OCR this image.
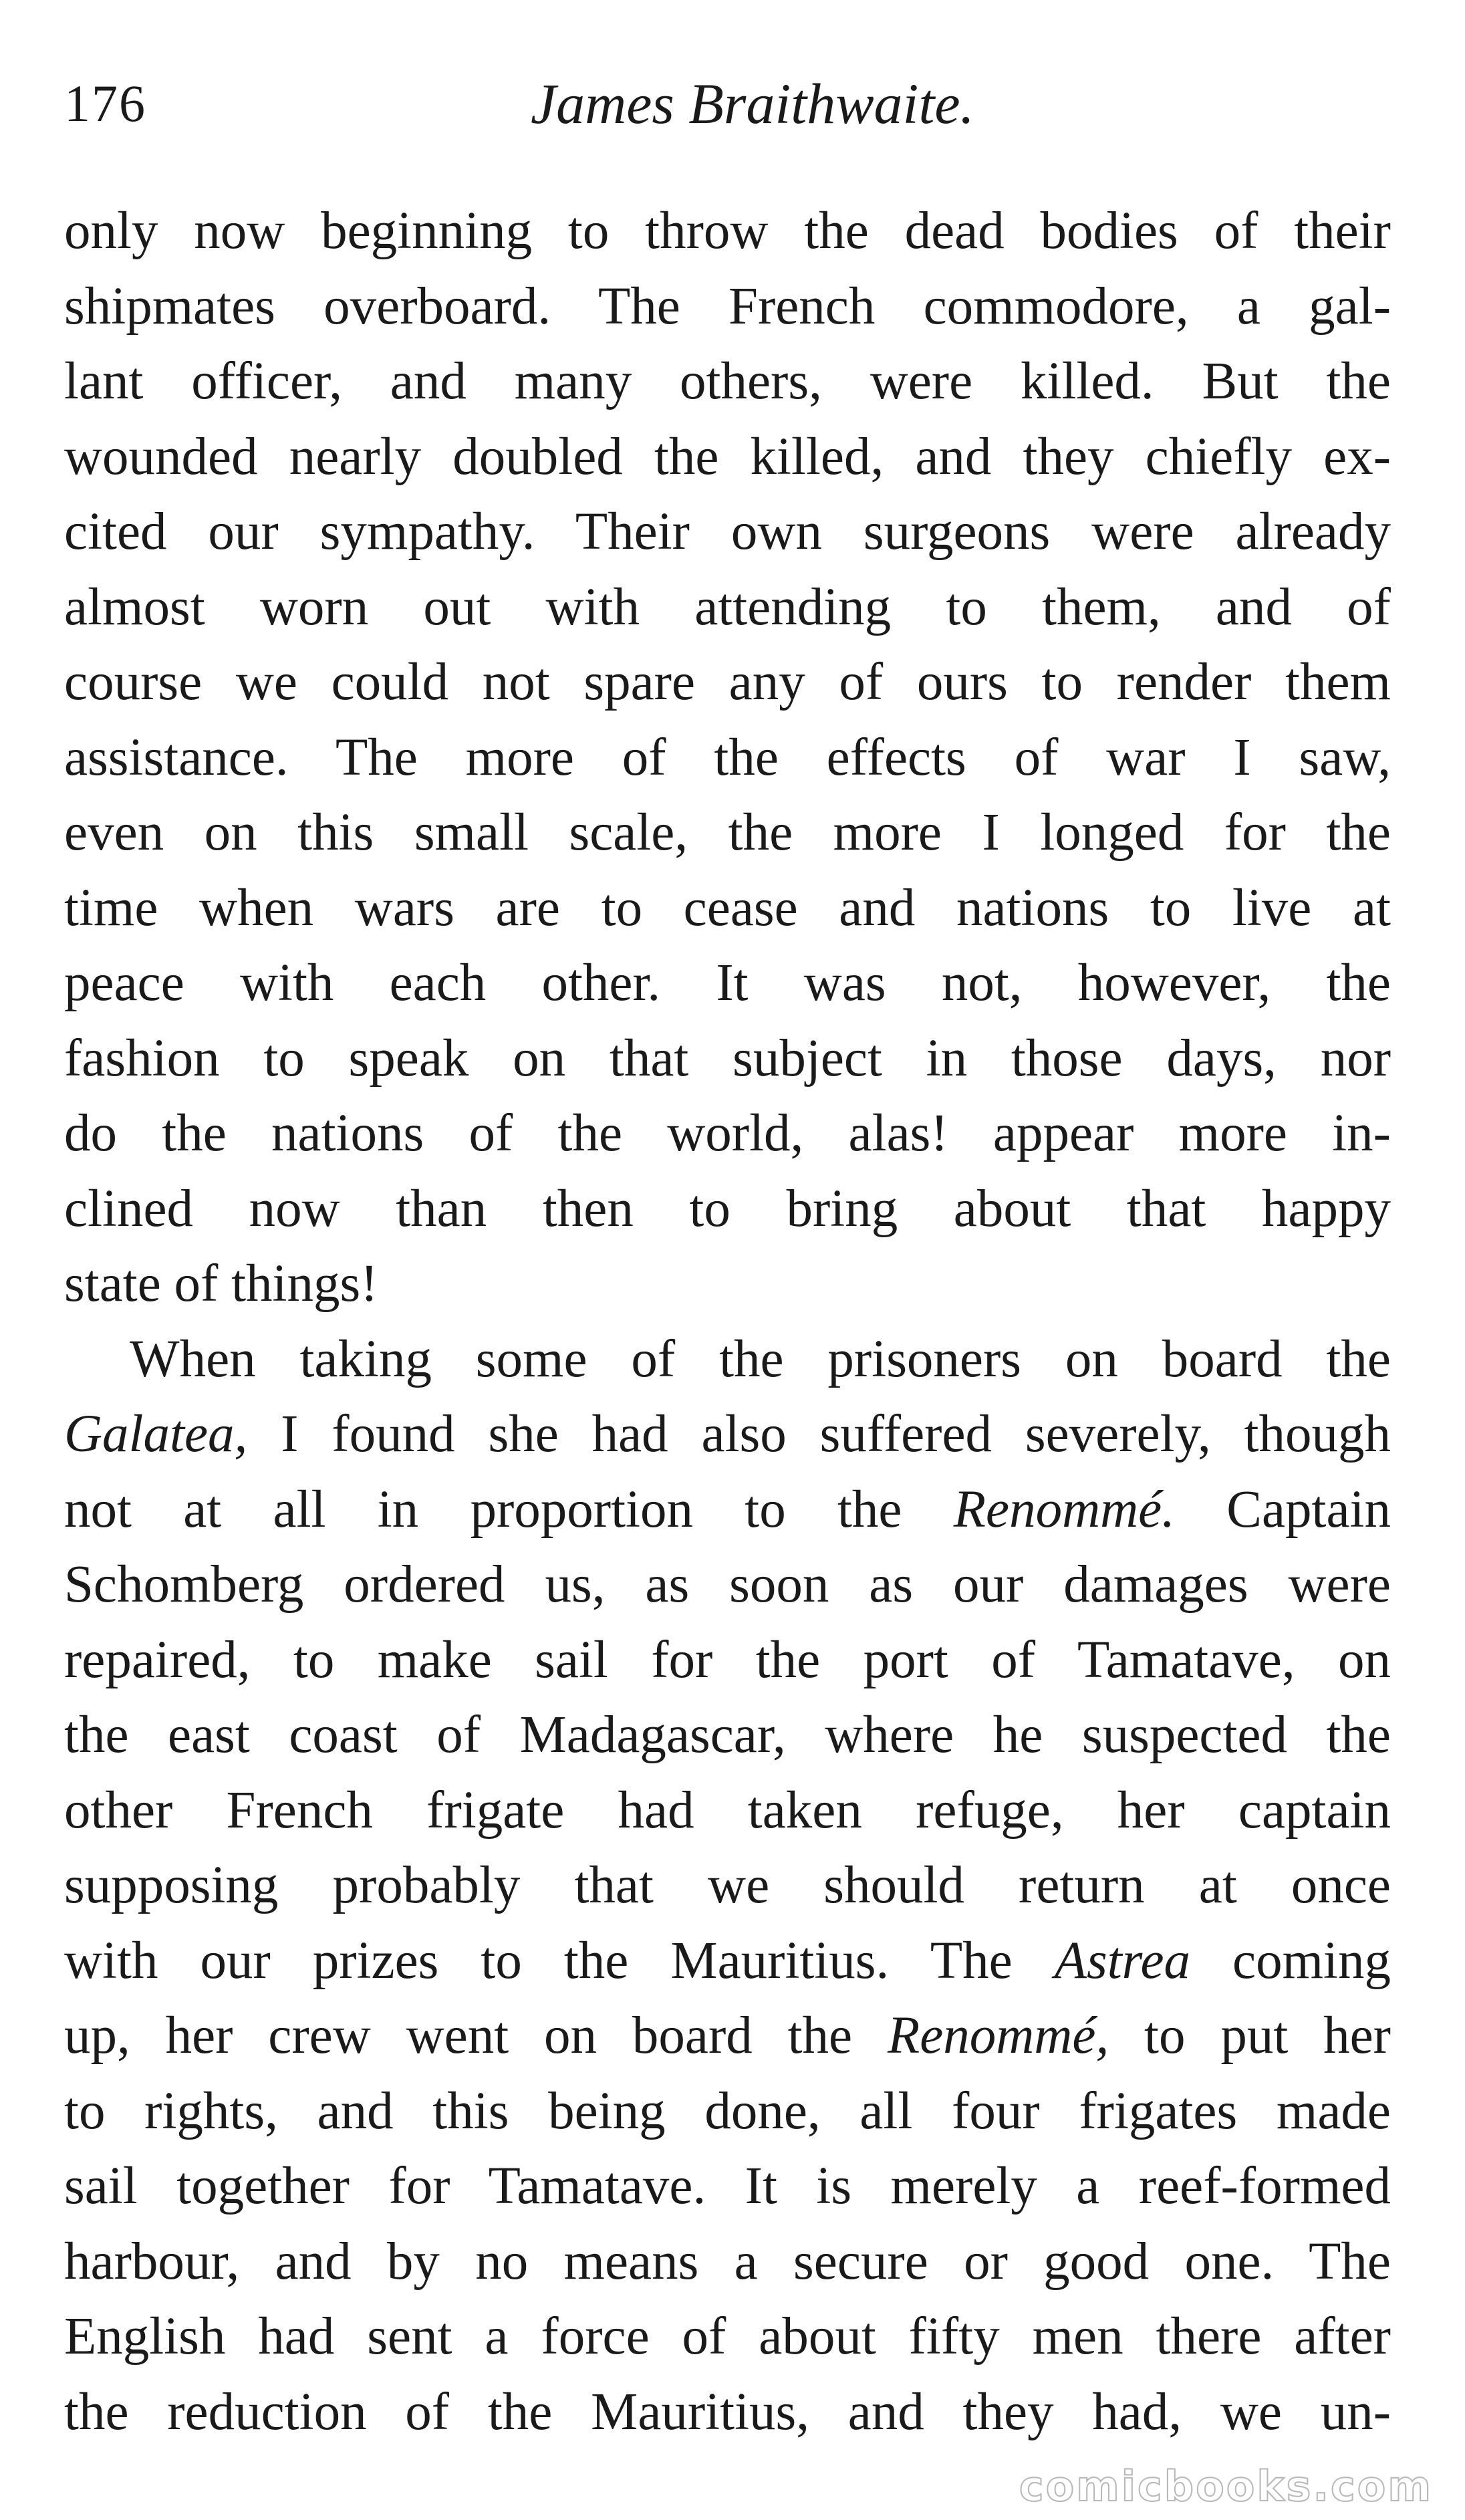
176	James Braithwaite.
only now beginning to throw the dead bodies of their
shipmates overboard. The French commodore, a gal-
lant officer, and many others, were killed. But the
wounded nearly doubled the killed, and they chiefly ex-
cited our sympathy. Their own surgeons were already
almost worn out with attending to them, and of
course we could not spare any of ours to render them
assistance. The more of the effects of war I saw,
even on this small scale, the more I longed for the
time when wars are to cease and nations to live at
peace with each other. It was not, however, the
fashion to speak on that subject in those days, nor
do the nations of the world, alas! appear more in-
clined now than then to bring about that happy
state of things!
When taking some of the prisoners on board the
Galatea, I found she had also suffered severely, though
not at all in proportion to the Renommé. Captain
Schomberg ordered us, as soon as our damages were
repaired, to make sail for the port of Tamatave, on
the east coast of Madagascar, where he suspected the
other French frigate had taken refuge, her captain
supposing probably that we should return at once
with our prizes to the Mauritius. The Astrea coming
up, her crew went on board the Renommé, to put her
to rights, and this being done, all four frigates made
sail together for Tamatave. It is merely a reef-formed
harbour, and by no means a secure or good one. The
English had sent a force of about fifty men there after
the reduction of the Mauritius, and they had, we un-
comicbooks.com
